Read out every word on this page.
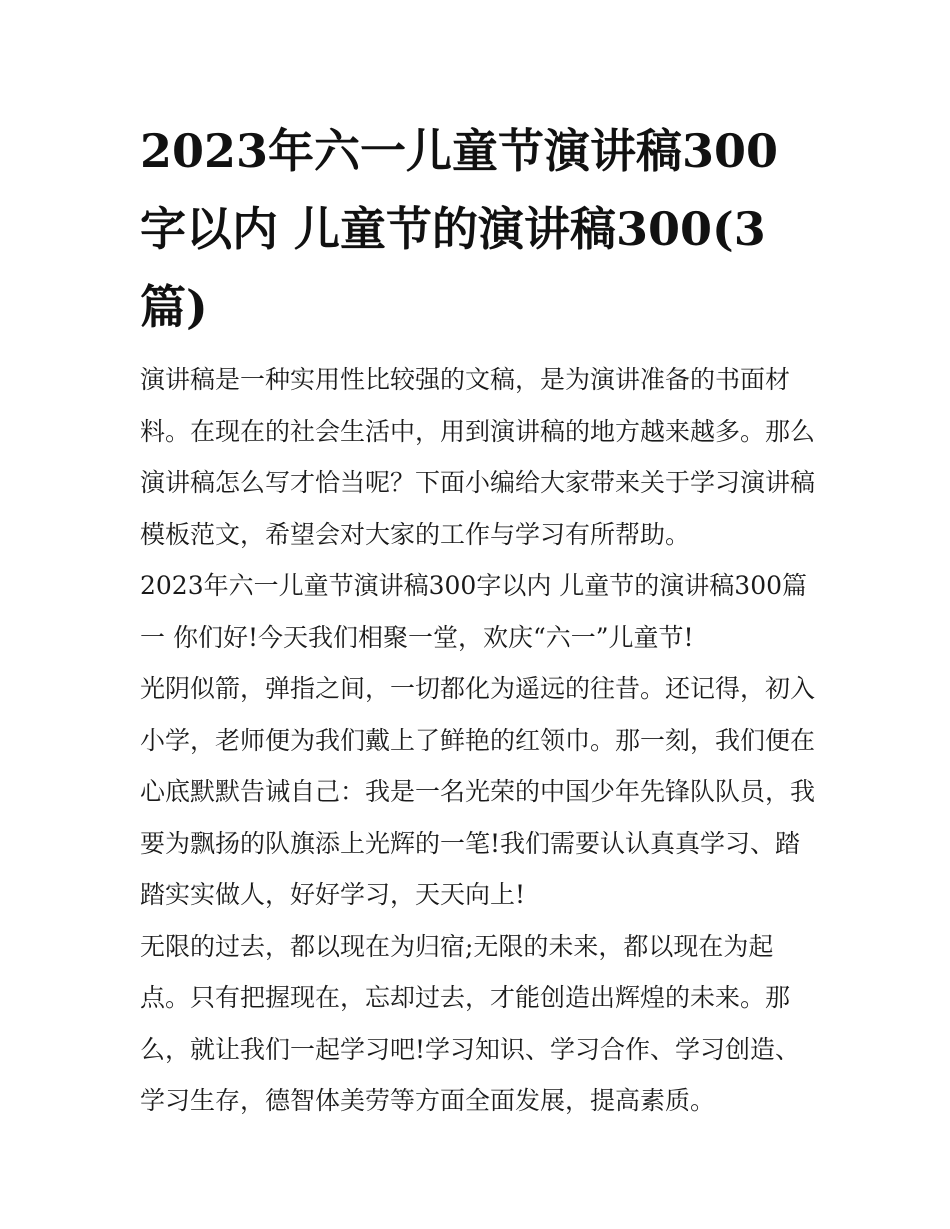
2023年六一儿童节演讲稿300字以内 儿童节的演讲稿300(3篇)

演讲稿是一种实用性比较强的文稿，是为演讲准备的书面材料。在现在的社会生活中，用到演讲稿的地方越来越多。那么演讲稿怎么写才恰当呢？下面小编给大家带来关于学习演讲稿模板范文，希望会对大家的工作与学习有所帮助。

2023年六一儿童节演讲稿300字以内 儿童节的演讲稿300篇一 你们好!今天我们相聚一堂，欢庆“六一”儿童节!

光阴似箭，弹指之间，一切都化为遥远的往昔。还记得，初入小学，老师便为我们戴上了鲜艳的红领巾。那一刻，我们便在心底默默告诫自己：我是一名光荣的中国少年先锋队队员，我要为飘扬的队旗添上光辉的一笔!我们需要认认真真学习、踏踏实实做人，好好学习，天天向上!

无限的过去，都以现在为归宿;无限的未来，都以现在为起点。只有把握现在，忘却过去，才能创造出辉煌的未来。那么，就让我们一起学习吧!学习知识、学习合作、学习创造、学习生存，德智体美劳等方面全面发展，提高素质。
